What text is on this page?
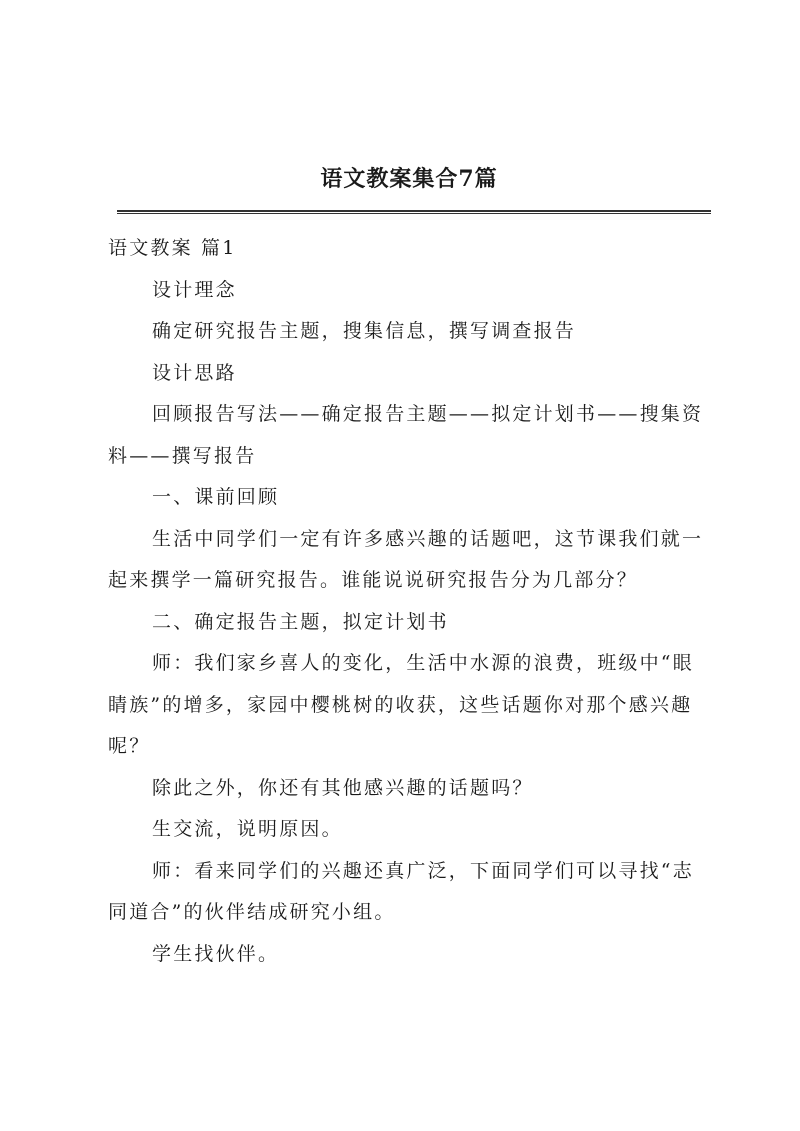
语文教案集合7篇

语文教案 篇1

设计理念

确定研究报告主题，搜集信息，撰写调查报告

设计思路

回顾报告写法——确定报告主题——拟定计划书——搜集资料——撰写报告

一、课前回顾

生活中同学们一定有许多感兴趣的话题吧，这节课我们就一起来撰学一篇研究报告。谁能说说研究报告分为几部分？

二、确定报告主题，拟定计划书

师：我们家乡喜人的变化，生活中水源的浪费，班级中“眼睛族”的增多，家园中樱桃树的收获，这些话题你对那个感兴趣呢？

除此之外，你还有其他感兴趣的话题吗？

生交流，说明原因。

师：看来同学们的兴趣还真广泛，下面同学们可以寻找“志同道合”的伙伴结成研究小组。

学生找伙伴。
